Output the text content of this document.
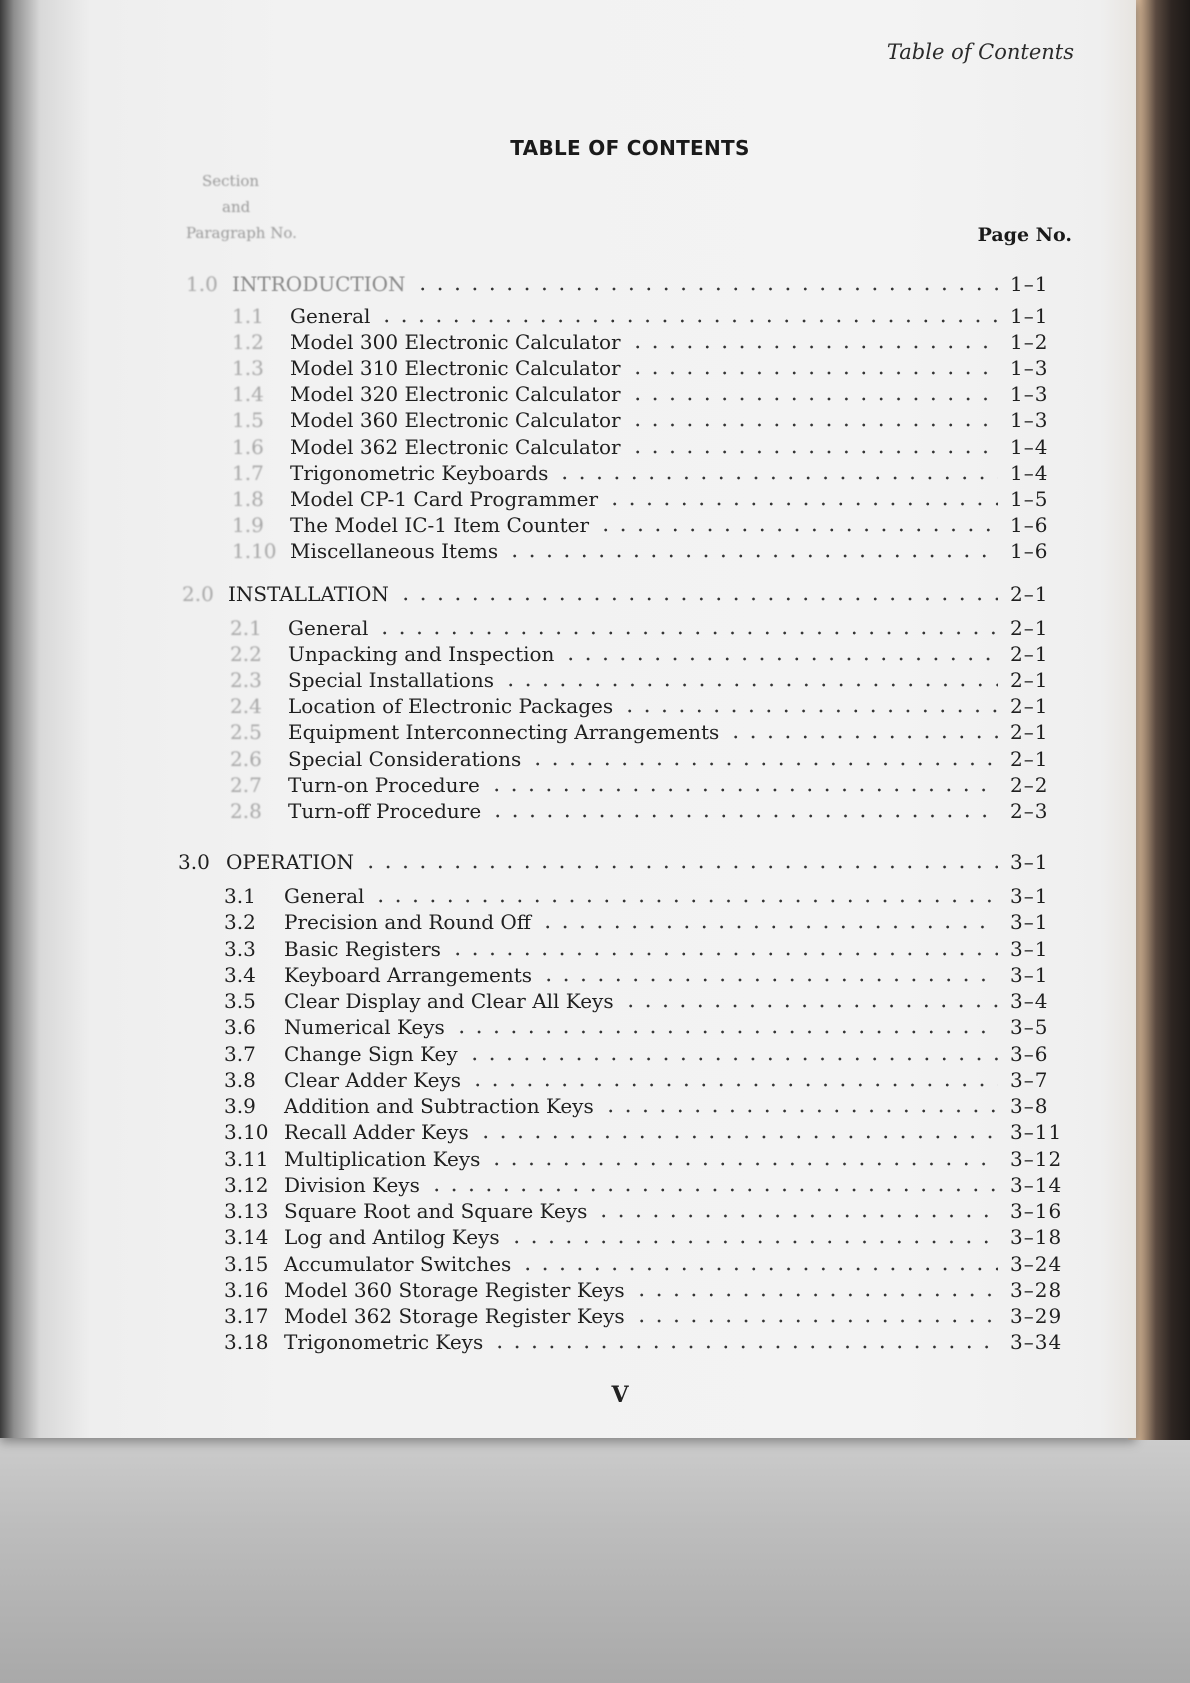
Table of Contents
TABLE OF CONTENTS
Section
and
Paragraph No.	Page No.
1.0 INTRODUCTION	1–1
1.1 General	1–1
1.2 Model 300 Electronic Calculator	1–2
1.3 Model 310 Electronic Calculator	1–3
1.4 Model 320 Electronic Calculator	1–3
1.5 Model 360 Electronic Calculator	1–3
1.6 Model 362 Electronic Calculator	1–4
1.7 Trigonometric Keyboards	1–4
1.8 Model CP-1 Card Programmer	1–5
1.9 The Model IC-1 Item Counter	1–6
1.10 Miscellaneous Items	1–6
2.0 INSTALLATION	2–1
2.1 General	2–1
2.2 Unpacking and Inspection	2–1
2.3 Special Installations	2–1
2.4 Location of Electronic Packages	2–1
2.5 Equipment Interconnecting Arrangements	2–1
2.6 Special Considerations	2–1
2.7 Turn-on Procedure	2–2
2.8 Turn-off Procedure	2–3
3.0 OPERATION	3–1
3.1 General	3–1
3.2 Precision and Round Off	3–1
3.3 Basic Registers	3–1
3.4 Keyboard Arrangements	3–1
3.5 Clear Display and Clear All Keys	3–4
3.6 Numerical Keys	3–5
3.7 Change Sign Key	3–6
3.8 Clear Adder Keys	3–7
3.9 Addition and Subtraction Keys	3–8
3.10 Recall Adder Keys	3–11
3.11 Multiplication Keys	3–12
3.12 Division Keys	3–14
3.13 Square Root and Square Keys	3–16
3.14 Log and Antilog Keys	3–18
3.15 Accumulator Switches	3–24
3.16 Model 360 Storage Register Keys	3–28
3.17 Model 362 Storage Register Keys	3–29
3.18 Trigonometric Keys	3–34
V
